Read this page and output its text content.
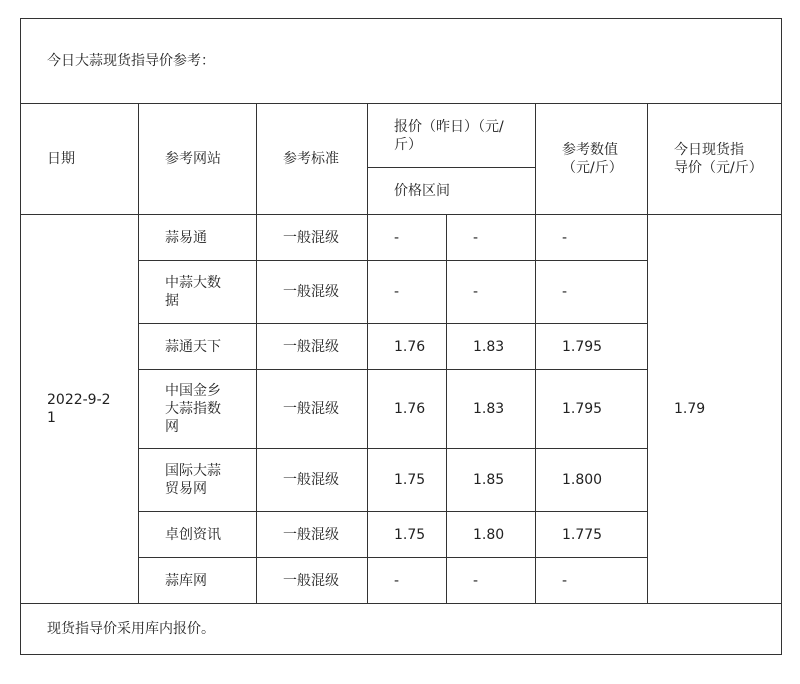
今日大蒜现货指导价参考：						
日期	参考网站	参考标准	报价（昨日）（元/斤）		参考数值（元/斤）	今日现货指导价（元/斤）
			价格区间			
2022-9-21	蒜易通	一般混级	-	-	-	1.79
	中蒜大数据	一般混级	-	-	-	
	蒜通天下	一般混级	1.76	1.83	1.795	
	中国金乡大蒜指数网	一般混级	1.76	1.83	1.795	
	国际大蒜贸易网	一般混级	1.75	1.85	1.800	
	卓创资讯	一般混级	1.75	1.80	1.775	
	蒜库网	一般混级	-	-	-	
现货指导价采用库内报价。						
